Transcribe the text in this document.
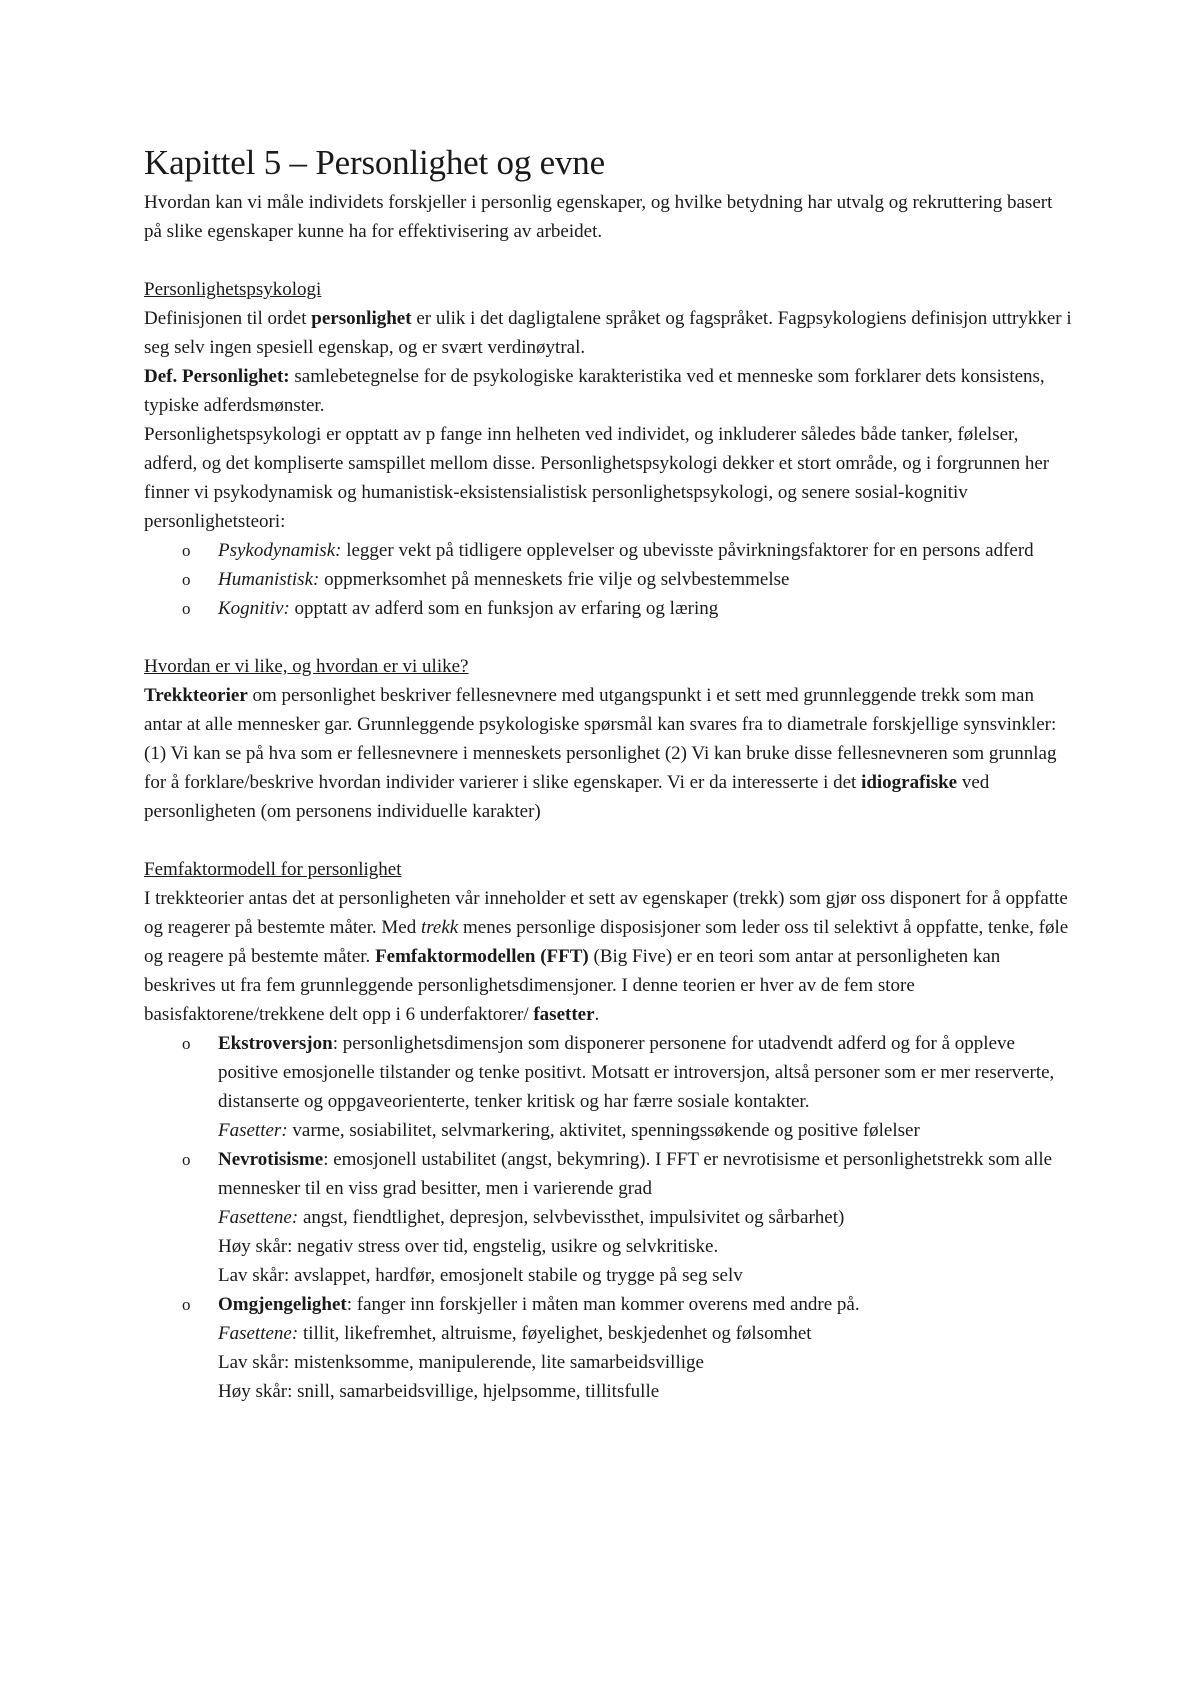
Kapittel 5 – Personlighet og evne

Hvordan kan vi måle individets forskjeller i personlig egenskaper, og hvilke betydning har utvalg og rekruttering basert på slike egenskaper kunne ha for effektivisering av arbeidet.

Personlighetspsykologi

Definisjonen til ordet personlighet er ulik i det dagligtalene språket og fagspråket. Fagpsykologiens definisjon uttrykker i seg selv ingen spesiell egenskap, og er svært verdinøytral.

Def. Personlighet: samlebetegnelse for de psykologiske karakteristika ved et menneske som forklarer dets konsistens, typiske adferdsmønster.

Personlighetspsykologi er opptatt av p fange inn helheten ved individet, og inkluderer således både tanker, følelser, adferd, og det kompliserte samspillet mellom disse. Personlighetspsykologi dekker et stort område, og i forgrunnen her finner vi psykodynamisk og humanistisk-eksistensialistisk personlighetspsykologi, og senere sosial-kognitiv personlighetsteori:

o Psykodynamisk: legger vekt på tidligere opplevelser og ubevisste påvirkningsfaktorer for en persons adferd
o Humanistisk: oppmerksomhet på menneskets frie vilje og selvbestemmelse
o Kognitiv: opptatt av adferd som en funksjon av erfaring og læring

Hvordan er vi like, og hvordan er vi ulike?

Trekkteorier om personlighet beskriver fellesnevnere med utgangspunkt i et sett med grunnleggende trekk som man antar at alle mennesker gar. Grunnleggende psykologiske spørsmål kan svares fra to diametrale forskjellige synsvinkler: (1) Vi kan se på hva som er fellesnevnere i menneskets personlighet (2) Vi kan bruke disse fellesnevneren som grunnlag for å forklare/beskrive hvordan individer varierer i slike egenskaper. Vi er da interesserte i det idiografiske ved personligheten (om personens individuelle karakter)

Femfaktormodell for personlighet

I trekkteorier antas det at personligheten vår inneholder et sett av egenskaper (trekk) som gjør oss disponert for å oppfatte og reagerer på bestemte måter. Med trekk menes personlige disposisjoner som leder oss til selektivt å oppfatte, tenke, føle og reagere på bestemte måter. Femfaktormodellen (FFT) (Big Five) er en teori som antar at personligheten kan beskrives ut fra fem grunnleggende personlighetsdimensjoner. I denne teorien er hver av de fem store basisfaktorene/trekkene delt opp i 6 underfaktorer/ fasetter.

o Ekstroversjon: personlighetsdimensjon som disponerer personene for utadvendt adferd og for å oppleve positive emosjonelle tilstander og tenke positivt. Motsatt er introversjon, altså personer som er mer reserverte, distanserte og oppgaveorienterte, tenker kritisk og har færre sosiale kontakter.

Fasetter: varme, sosiabilitet, selvmarkering, aktivitet, spenningssøkende og positive følelser

o Nevrotisisme: emosjonell ustabilitet (angst, bekymring). I FFT er nevrotisisme et personlighetstrekk som alle mennesker til en viss grad besitter, men i varierende grad

Fasettene: angst, fiendtlighet, depresjon, selvbevissthet, impulsivitet og sårbarhet)

Høy skår: negativ stress over tid, engstelig, usikre og selvkritiske.

Lav skår: avslappet, hardfør, emosjonelt stabile og trygge på seg selv

o Omgjengelighet: fanger inn forskjeller i måten man kommer overens med andre på.

Fasettene: tillit, likefremhet, altruisme, føyelighet, beskjedenhet og følsomhet

Lav skår: mistenksomme, manipulerende, lite samarbeidsvillige

Høy skår: snill, samarbeidsvillige, hjelpsomme, tillitsfulle
